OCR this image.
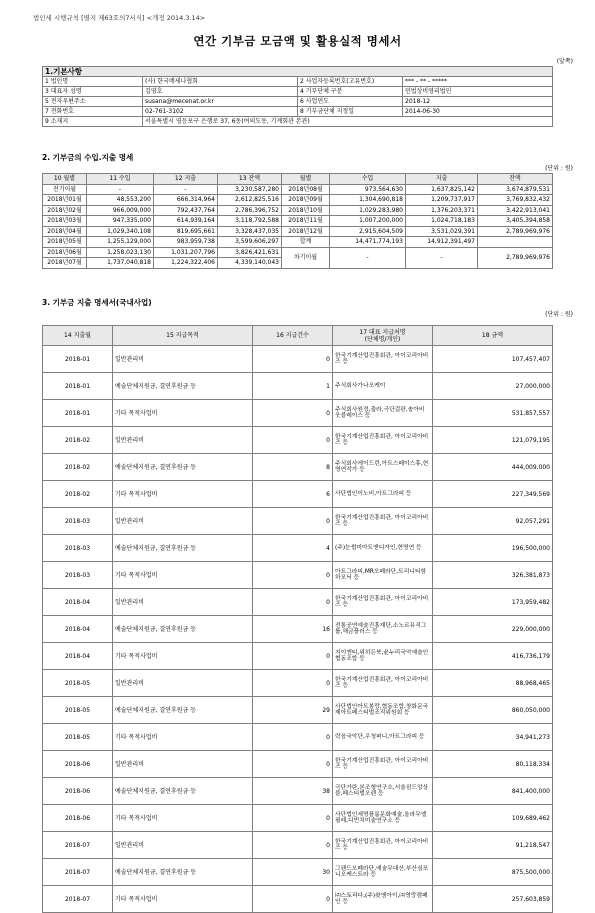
법인세 시행규칙 [별지 제63호의7서식] <개정 2014.3.14>
연간 기부금 모금액 및 활용실적 명세서
(앞쪽)
1.기본사항			
1 법인명	(사) 한국메세나협회	2 사업자등록번호(고유번호)	*** - ** - *****
3 대표자 성명	김영호	4 기부단체 구분	민법상비영리법인
5 전자우편주소	susana@mecenat.or.kr	6 사업연도	2018-12
7 전화번호	02-761-3102	8 기부금단체 지정일	2014-06-30
9 소재지	서울특별시 영등포구 은행로 37, 6동(여의도동, 기계회관 본관)		
2. 기부금의 수입.지출 명세
(단위 : 원)
10 월별	11 수입	12 지출	13 잔액	월별	수입	지출	잔액
전기이월	-	-	3,230,587,280	2018년08월	973,564,630	1,637,825,142	3,674,879,531
2018년01월	48,553,200	666,314,964	2,612,825,516	2018년09월	1,304,690,818	1,209,737,917	3,769,832,432
2018년02월	966,009,000	792,437,764	2,786,396,752	2018년10월	1,029,283,980	1,376,203,371	3,422,913,041
2018년03월	947,335,000	614,939,164	3,118,792,588	2018년11월	1,007,200,000	1,024,718,183	3,405,394,858
2018년04월	1,029,340,108	819,695,661	3,328,437,035	2018년12월	2,915,604,509	3,531,029,391	2,789,969,976
2018년05월	1,255,129,000	983,959,738	3,599,606,297	합계	14,471,774,193	14,912,391,497	
2018년06월	1,258,023,130	1,031,207,796	3,826,421,631	차기이월	-	-	2,789,969,976
2018년07월	1,737,040,818	1,224,322,406	4,339,140,043				
3. 기부금 지출 명세서(국내사업)
(단위 : 원)
14 지출월	15 지급목적	16 지급건수	17 대표 지급처명
(단체명/개인)	18 금액
2018-01	일반관리비	0	한국기계산업진흥회관, 아이코리아비즈 등	107,457,407
2018-01	예술단체지원금, 결연후원금 등	1	주식회사가나오케이	27,000,000
2018-01	기타 목적사업비	0	주식회사원정,출라,극단걸판,솔아비웃블레이스 등	531,857,557
2018-02	일반관리비	0	한국기계산업진흥회관, 아이코리아비즈 등	121,079,195
2018-02	예술단체지원금, 결연후원금 등	8	주식회사에이드런,아트스페이스휴,현명연작가 등	444,009,000
2018-02	기타 목적사업비	6	사단법인이노비,아트그라피 등	227,349,569
2018-03	일반관리비	0	한국기계산업진흥회관, 아이코리아비즈 등	92,057,291
2018-03	예술단체지원금, 결연후원금 등	4	(주)눈썹미아트앤디자인,현명연 등	196,500,000
2018-03	기타 목적사업비	0	아트그라피,MR오페라단,트리니티함하모닉 등	326,381,873
2018-04	일반관리비	0	한국기계산업진흥회관, 아이코리아비즈 등	173,959,482
2018-04	예술단체지원금, 결연후원금 등	16	전통공연예술진흥재단,소노르뮤직그룹,해금플러스 등	229,000,000
2018-04	기타 목적사업비	0	지이엔티,위히든북,윤누리국악예술인협동조합 등	416,736,179
2018-05	일반관리비	0	한국기계산업진흥회관, 아이코리아비즈 등	88,968,465
2018-05	예술단체지원금, 결연후원금 등	29	사단법인아트봉랑,협동조합,창화문국제아트페스티벌조직위원회 등	860,050,000
2018-05	기타 목적사업비	0	락음국악단,우청퍼니,아트그라피 등	34,941,273
2018-06	일반관리비	0	한국기계산업진흥회관, 아이코리아비즈 등	80,118,334
2018-06	예술단체지원금, 결연후원금 등	38	극단가란,본조형연구소,서울윈드앙상블,페스티벌오렌 등	841,400,000
2018-06	기타 목적사업비	0	사단법인세명플룸문화예술,올라무엘필레,디빈치미술연구소 등	109,689,462
2018-07	일반관리비	0	한국기계산업진흥회관, 아이코리아비즈 등	91,218,547
2018-07	예술단체지원금, 결연후원금 등	30	그랜드오페라단,예술무대산,부산심포니오케스트라 등	875,500,000
2018-07	기타 목적사업비	0	㈜스토리다,(주)왓엠아이,㈜영랑캠페인 등	257,603,859
